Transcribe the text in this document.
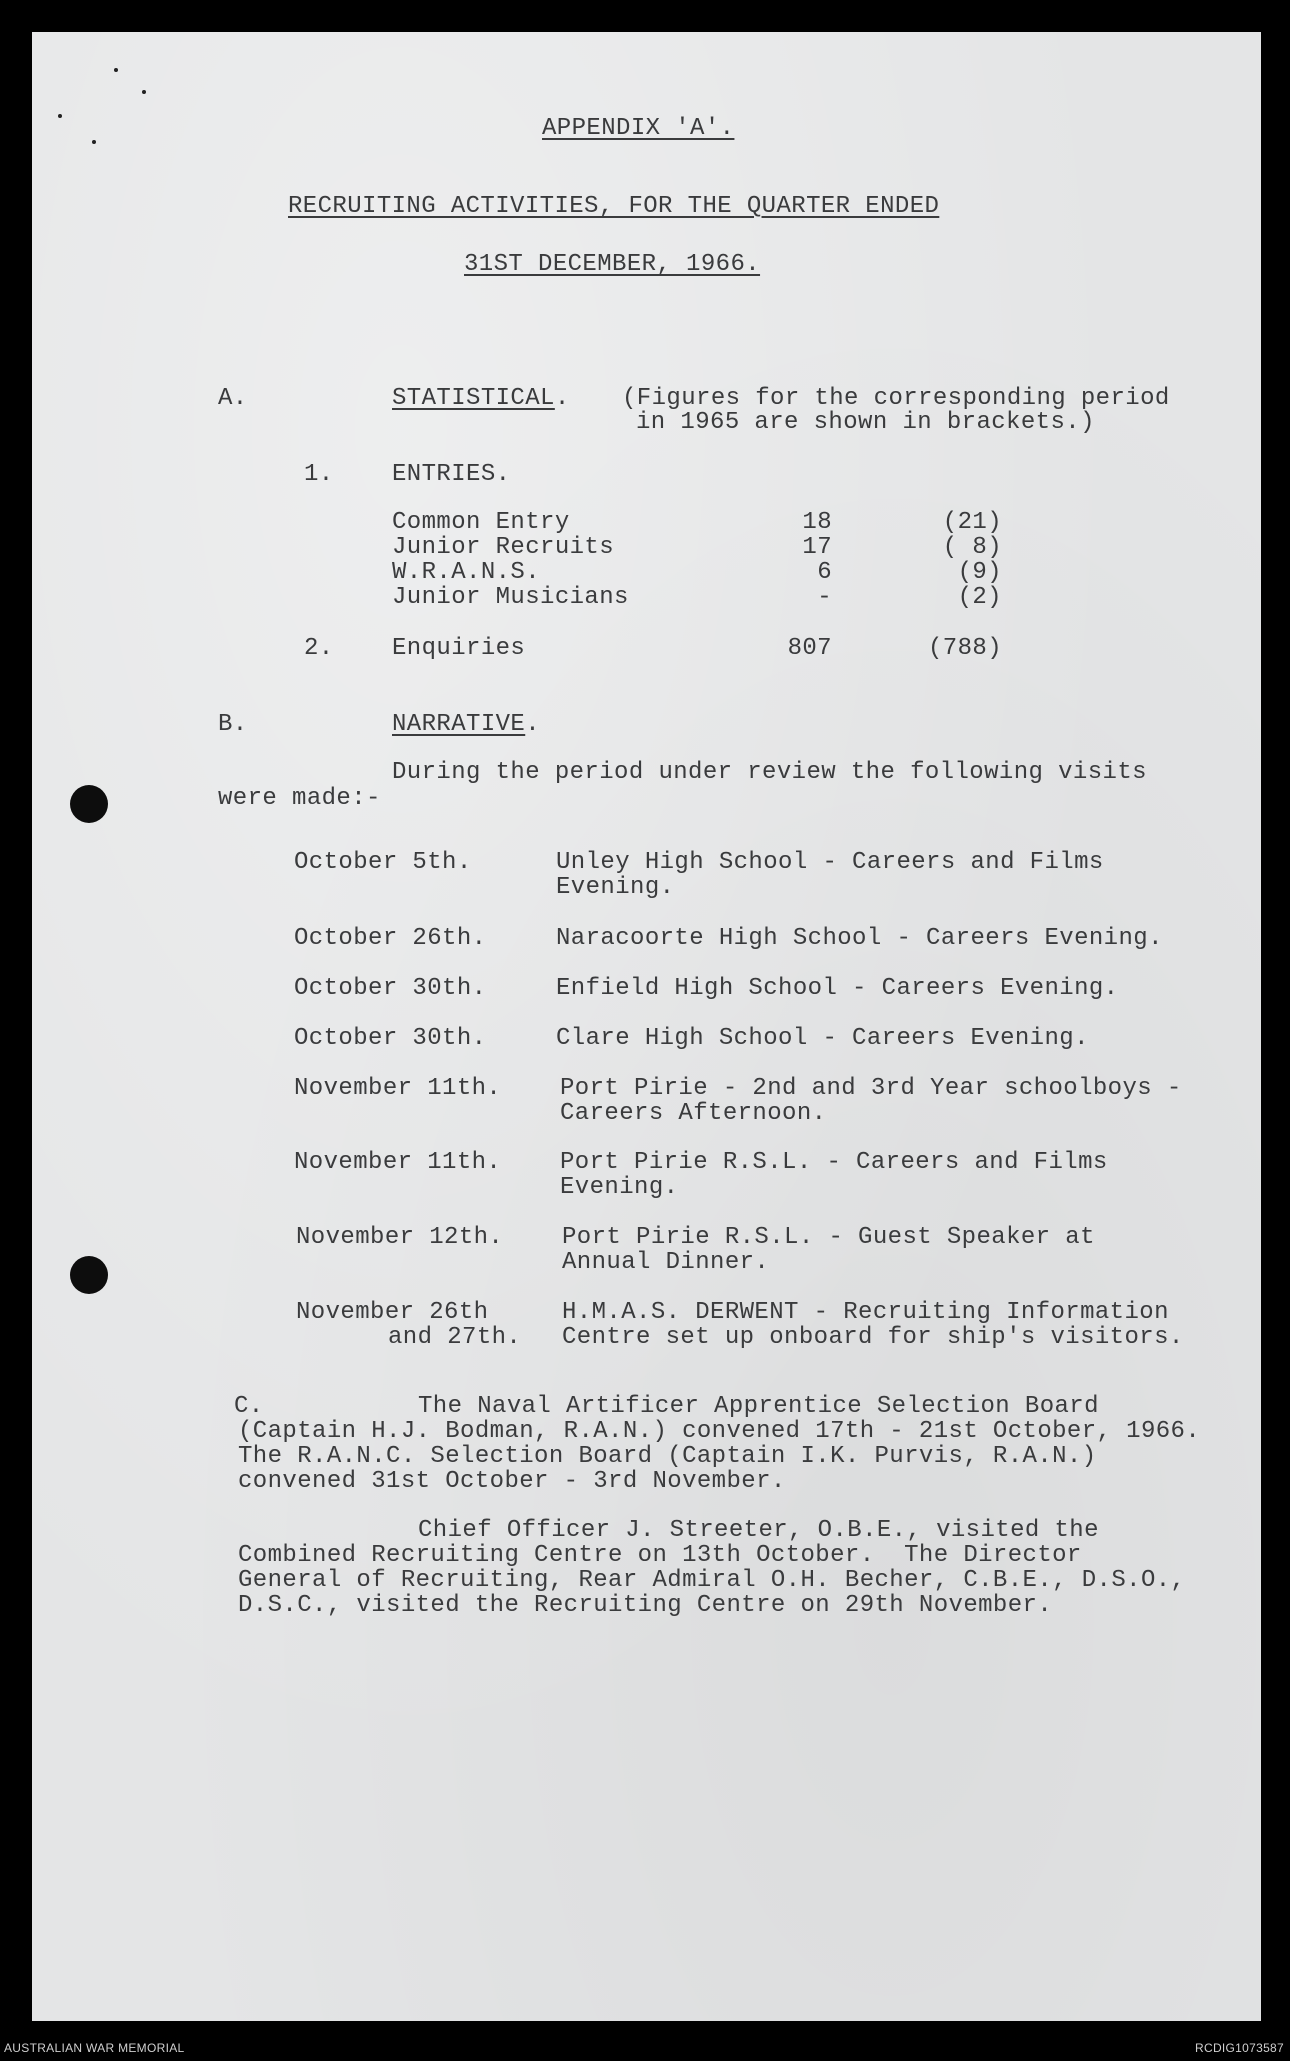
APPENDIX 'A'.
RECRUITING ACTIVITIES, FOR THE QUARTER ENDED
31ST DECEMBER, 1966.
A.	STATISTICAL. (Figures for the corresponding period
in 1965 are shown in brackets.)
1. ENTRIES.
Common Entry	18	(21)
Junior Recruits	17	( 8)
W.R.A.N.S.	6	(9)
Junior Musicians	-	(2)
2. Enquiries	807	(788)
B.	NARRATIVE.
During the period under review the following visits
were made:-
October 5th.	Unley High School - Careers and Films
Evening.
October 26th.	Naracoorte High School - Careers Evening.
October 30th.	Enfield High School - Careers Evening.
October 30th.	Clare High School - Careers Evening.
November 11th. Port Pirie - 2nd and 3rd Year schoolboys -
Careers Afternoon.
November 11th. Port Pirie R.S.L. - Careers and Films
Evening.
November 12th. Port Pirie R.S.L. - Guest Speaker at
Annual Dinner.
November 26th
and 27th.
H.M.A.S. DERWENT - Recruiting Information
Centre set up onboard for ship's visitors.
C.	The Naval Artificer Apprentice Selection Board
(Captain H.J. Bodman, R.A.N.) convened 17th - 21st October, 1966.
The R.A.N.C. Selection Board (Captain I.K. Purvis, R.A.N.)
convened 31st October - 3rd November.
Chief Officer J. Streeter, O.B.E., visited the
Combined Recruiting Centre on 13th October.  The Director
General of Recruiting, Rear Admiral O.H. Becher, C.B.E., D.S.O.,
D.S.C., visited the Recruiting Centre on 29th November.
AUSTRALIAN WAR MEMORIAL	RCDIG1073587
